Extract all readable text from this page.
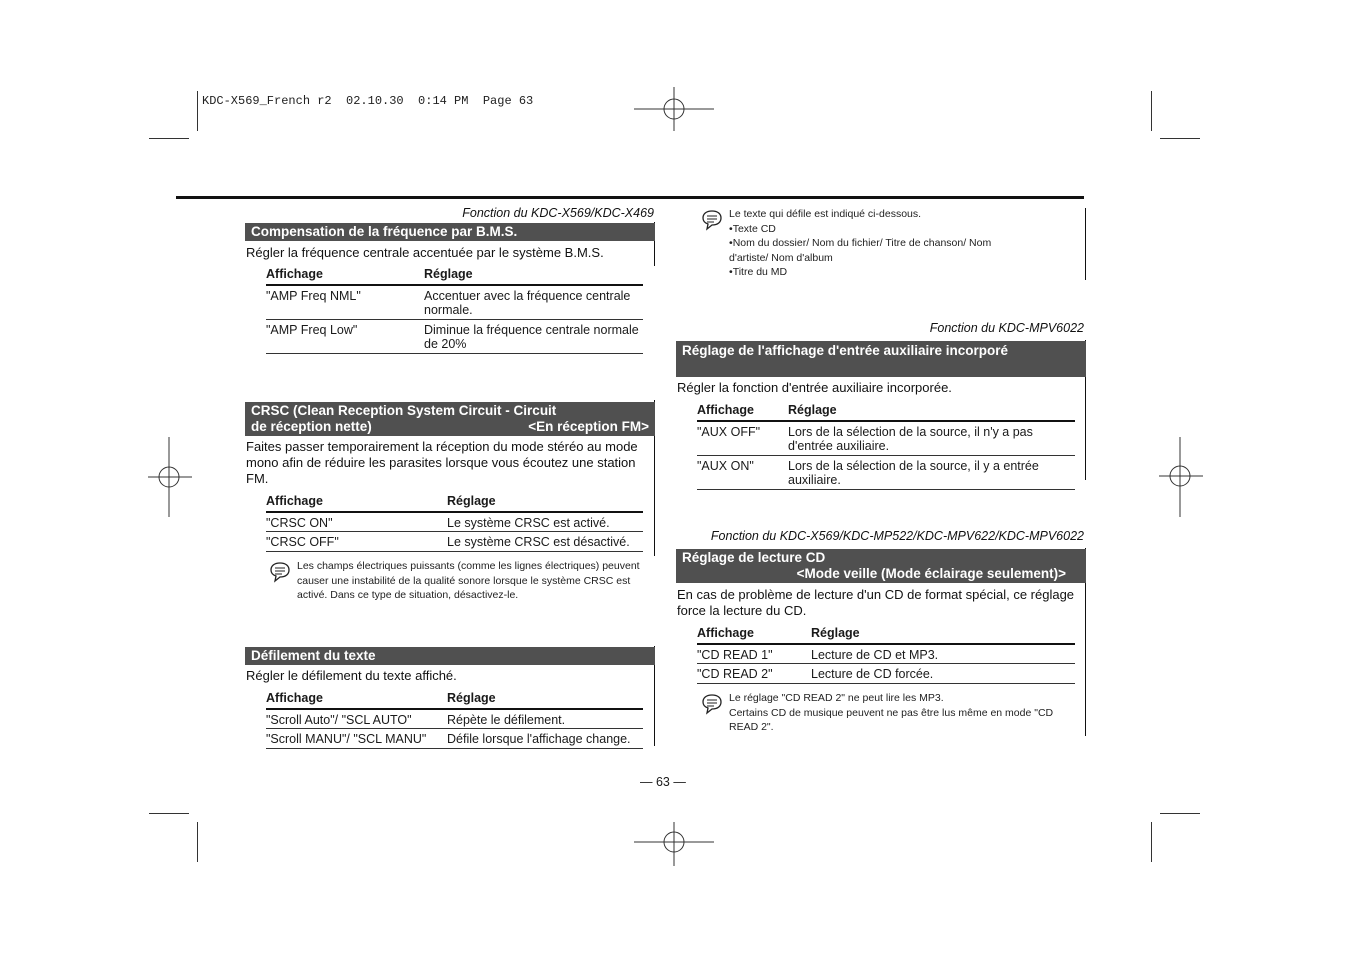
KDC-X569_French r2  02.10.30  0:14 PM  Page 63
Fonction du KDC-X569/KDC-X469
Compensation de la fréquence par B.M.S.
Régler la fréquence centrale accentuée par le système B.M.S.
Affichage	Réglage
"AMP Freq NML"	Accentuer avec la fréquence centrale normale.
"AMP Freq Low"	Diminue la fréquence centrale normale de 20%
CRSC (Clean Reception System Circuit - Circuit
de réception nette)	<En réception FM>
Faites passer temporairement la réception du mode stéréo au mode mono afin de réduire les parasites lorsque vous écoutez une station FM.
Affichage	Réglage
"CRSC ON"	Le système CRSC est activé.
"CRSC OFF"	Le système CRSC est désactivé.
Les champs électriques puissants (comme les lignes électriques) peuvent causer une instabilité de la qualité sonore lorsque le système CRSC est activé. Dans ce type de situation, désactivez-le.
Défilement du texte
Régler le défilement du texte affiché.
Affichage	Réglage
"Scroll Auto"/ "SCL AUTO"	Répète le défilement.
"Scroll MANU"/ "SCL MANU"	Défile lorsque l'affichage change.
Le texte qui défile est indiqué ci-dessous.
• Texte CD
• Nom du dossier/ Nom du fichier/ Titre de chanson/ Nom d'artiste/ Nom d'album
• Titre du MD
Fonction du KDC-MPV6022
Réglage de l'affichage d'entrée auxiliaire incorporé
Régler la fonction d'entrée auxiliaire incorporée.
Affichage	Réglage
"AUX OFF"	Lors de la sélection de la source, il n'y a pas d'entrée auxiliaire.
"AUX ON"	Lors de la sélection de la source, il y a entrée auxiliaire.
Fonction du KDC-X569/KDC-MP522/KDC-MPV622/KDC-MPV6022
Réglage de lecture CD
<Mode veille (Mode éclairage seulement)>
En cas de problème de lecture d'un CD de format spécial, ce réglage force la lecture du CD.
Affichage	Réglage
"CD READ 1"	Lecture de CD et MP3.
"CD READ 2"	Lecture de CD forcée.
Le réglage "CD READ 2" ne peut lire les MP3.
Certains CD de musique peuvent ne pas être lus même en mode "CD READ 2".
— 63 —
